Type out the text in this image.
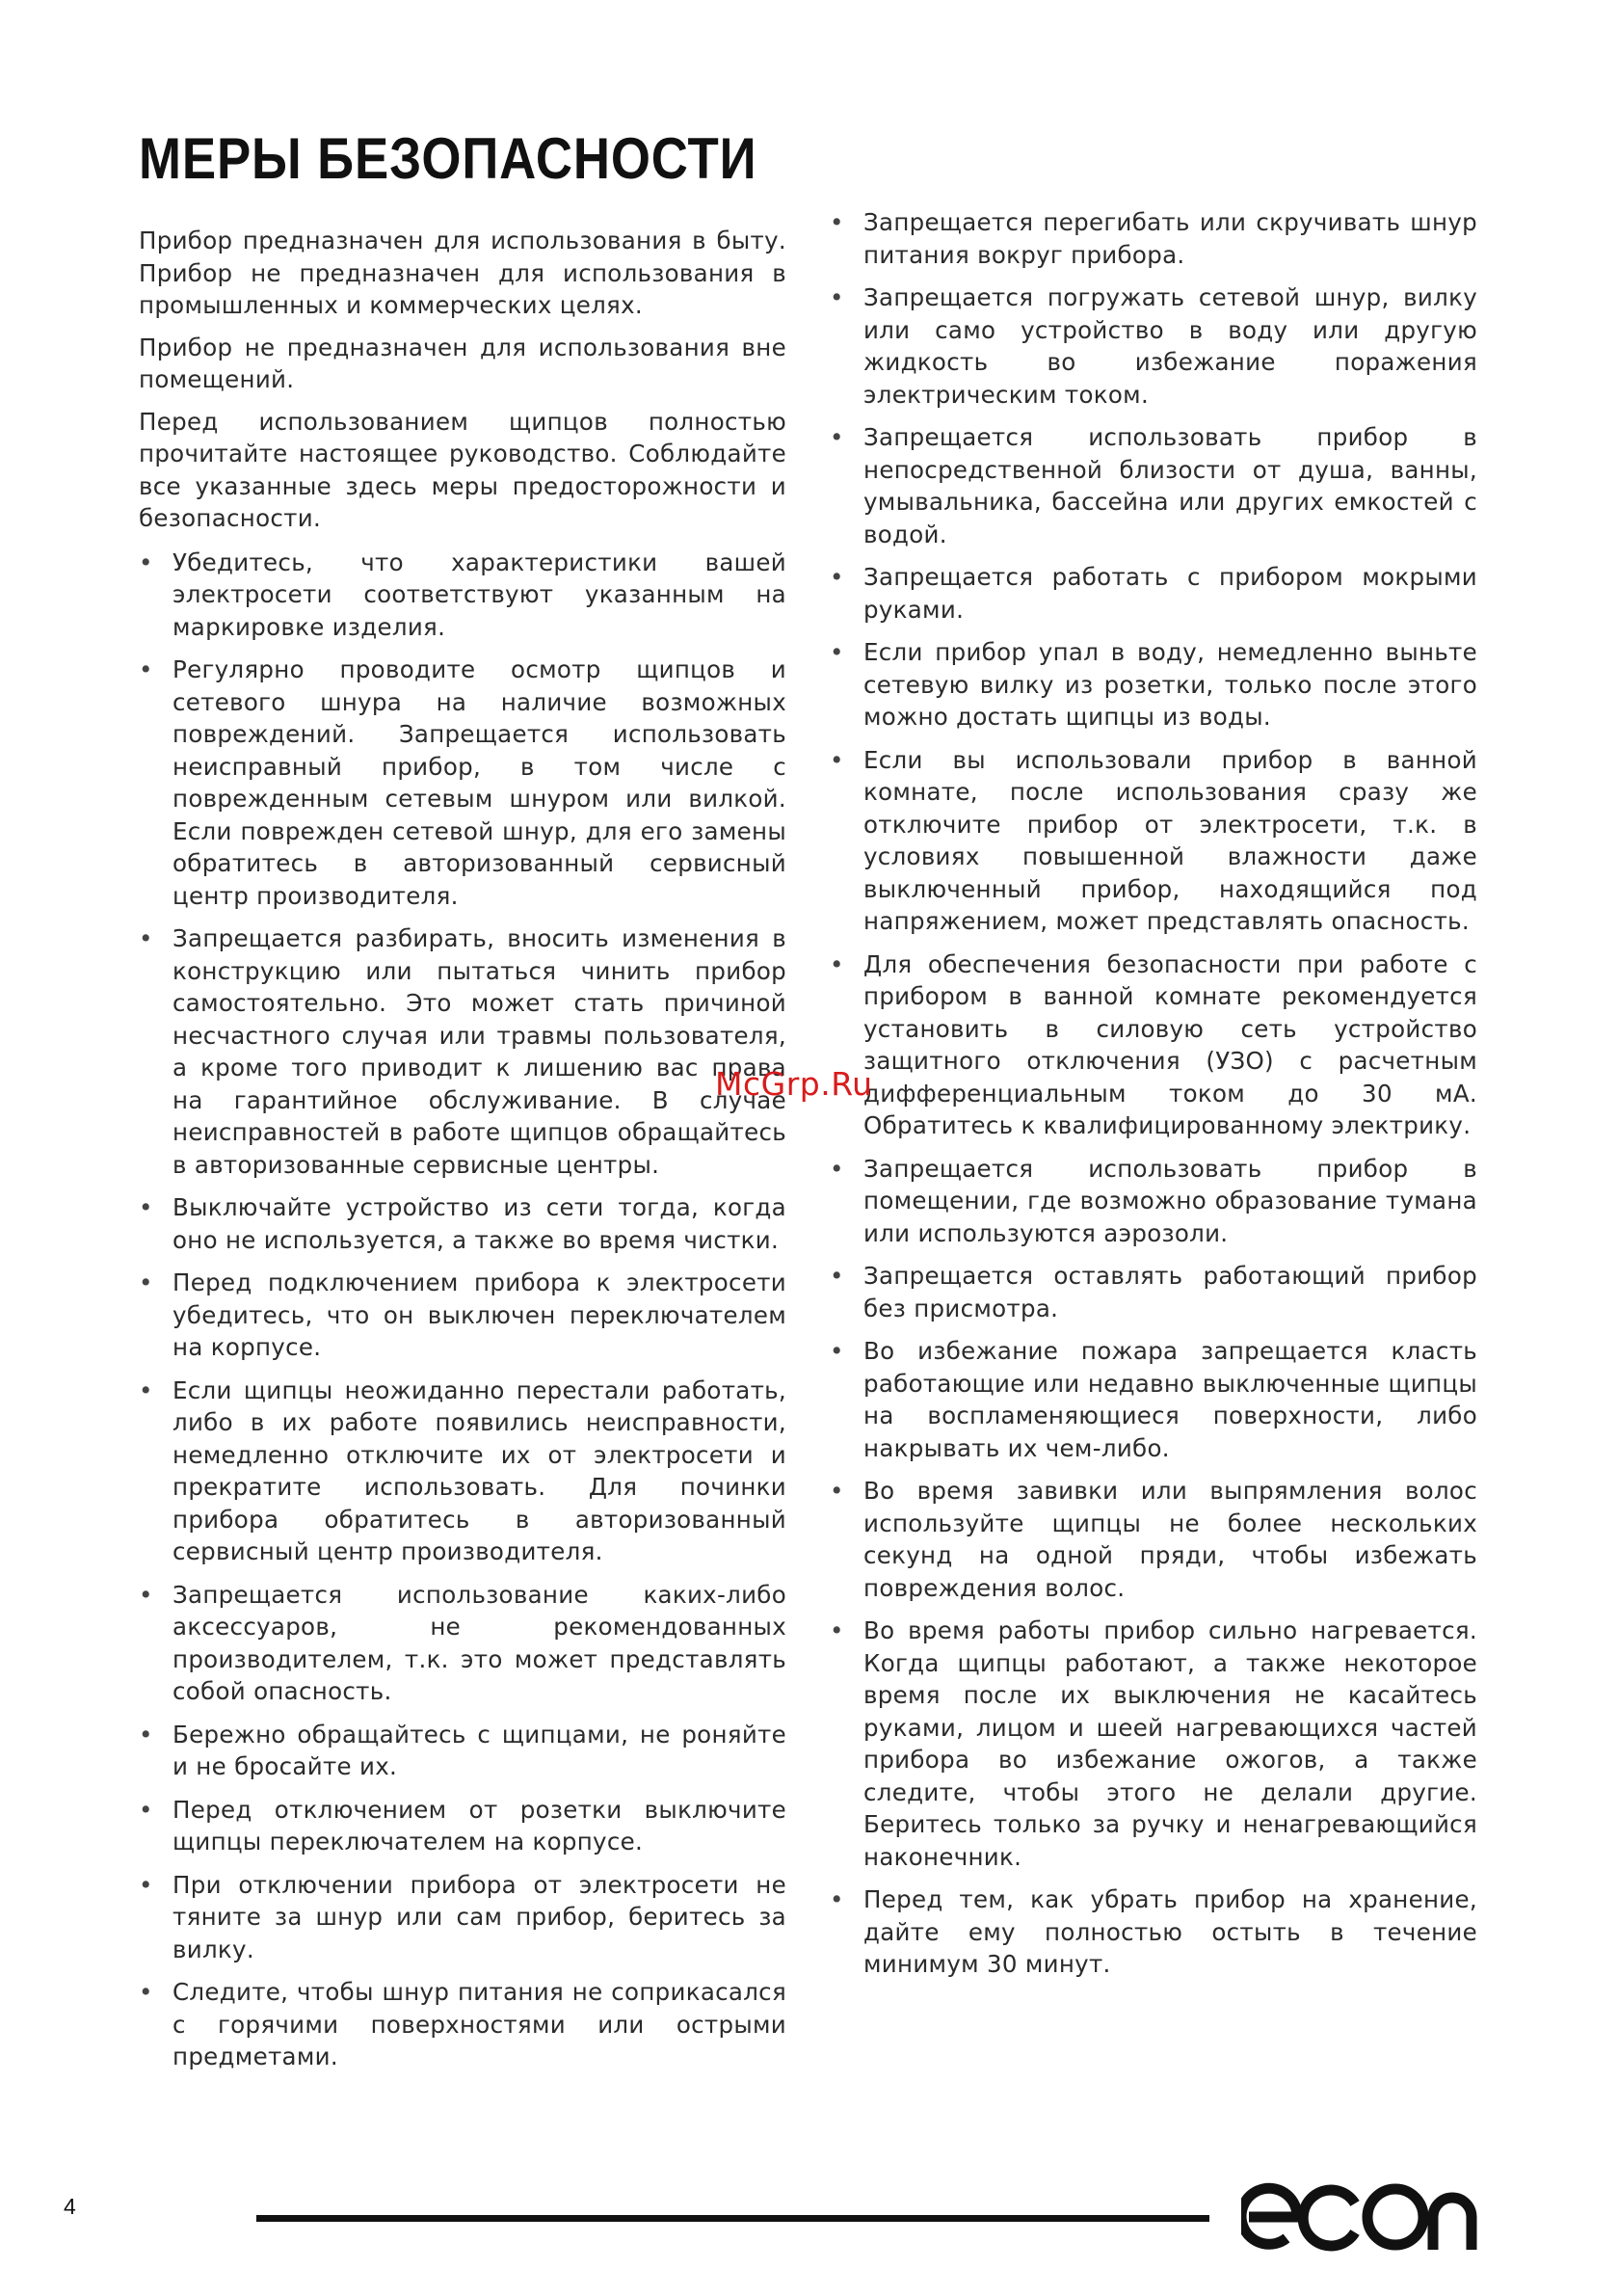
МЕРЫ БЕЗОПАСНОСТИ

Прибор предназначен для использования в быту. Прибор не предназначен для использования в промышленных и коммерческих целях.

Прибор не предназначен для использования вне помещений.

Перед использованием щипцов полностью прочитайте настоящее руководство. Соблюдайте все указанные здесь меры предосторожности и безопасности.

• Убедитесь, что характеристики вашей электросети соответствуют указанным на маркировке изделия.
• Регулярно проводите осмотр щипцов и сетевого шнура на наличие возможных повреждений. Запрещается использовать неисправный прибор, в том числе с поврежденным сетевым шнуром или вилкой. Если поврежден сетевой шнур, для его замены обратитесь в авторизованный сервисный центр производителя.
• Запрещается разбирать, вносить изменения в конструкцию или пытаться чинить прибор самостоятельно. Это может стать причиной несчастного случая или травмы пользователя, а кроме того приводит к лишению вас права на гарантийное обслуживание. В случае неисправностей в работе щипцов обращайтесь в авторизованные сервисные центры.
• Выключайте устройство из сети тогда, когда оно не используется, а также во время чистки.
• Перед подключением прибора к электросети убедитесь, что он выключен переключателем на корпусе.
• Если щипцы неожиданно перестали работать, либо в их работе появились неисправности, немедленно отключите их от электросети и прекратите использовать. Для починки прибора обратитесь в авторизованный сервисный центр производителя.
• Запрещается использование каких-либо аксессуаров, не рекомендованных производителем, т.к. это может представлять собой опасность.
• Бережно обращайтесь с щипцами, не роняйте и не бросайте их.
• Перед отключением от розетки выключите щипцы переключателем на корпусе.
• При отключении прибора от электросети не тяните за шнур или сам прибор, беритесь за вилку.
• Следите, чтобы шнур питания не соприкасался с горячими поверхностями или острыми предметами.
• Запрещается перегибать или скручивать шнур питания вокруг прибора.
• Запрещается погружать сетевой шнур, вилку или само устройство в воду или другую жидкость во избежание поражения электрическим током.
• Запрещается использовать прибор в непосредственной близости от душа, ванны, умывальника, бассейна или других емкостей с водой.
• Запрещается работать с прибором мокрыми руками.
• Если прибор упал в воду, немедленно выньте сетевую вилку из розетки, только после этого можно достать щипцы из воды.
• Если вы использовали прибор в ванной комнате, после использования сразу же отключите прибор от электросети, т.к. в условиях повышенной влажности даже выключенный прибор, находящийся под напряжением, может представлять опасность.
• Для обеспечения безопасности при работе с прибором в ванной комнате рекомендуется установить в силовую сеть устройство защитного отключения (УЗО) с расчетным дифференциальным током до 30 мА. Обратитесь к квалифицированному электрику.
• Запрещается использовать прибор в помещении, где возможно образование тумана или используются аэрозоли.
• Запрещается оставлять работающий прибор без присмотра.
• Во избежание пожара запрещается класть работающие или недавно выключенные щипцы на воспламеняющиеся поверхности, либо накрывать их чем-либо.
• Во время завивки или выпрямления волос используйте щипцы не более нескольких секунд на одной пряди, чтобы избежать повреждения волос.
• Во время работы прибор сильно нагревается. Когда щипцы работают, а также некоторое время после их выключения не касайтесь руками, лицом и шеей нагревающихся частей прибора во избежание ожогов, а также следите, чтобы этого не делали другие. Беритесь только за ручку и ненагревающийся наконечник.
• Перед тем, как убрать прибор на хранение, дайте ему полностью остыть в течение минимум 30 минут.
McGrp.Ru
4
